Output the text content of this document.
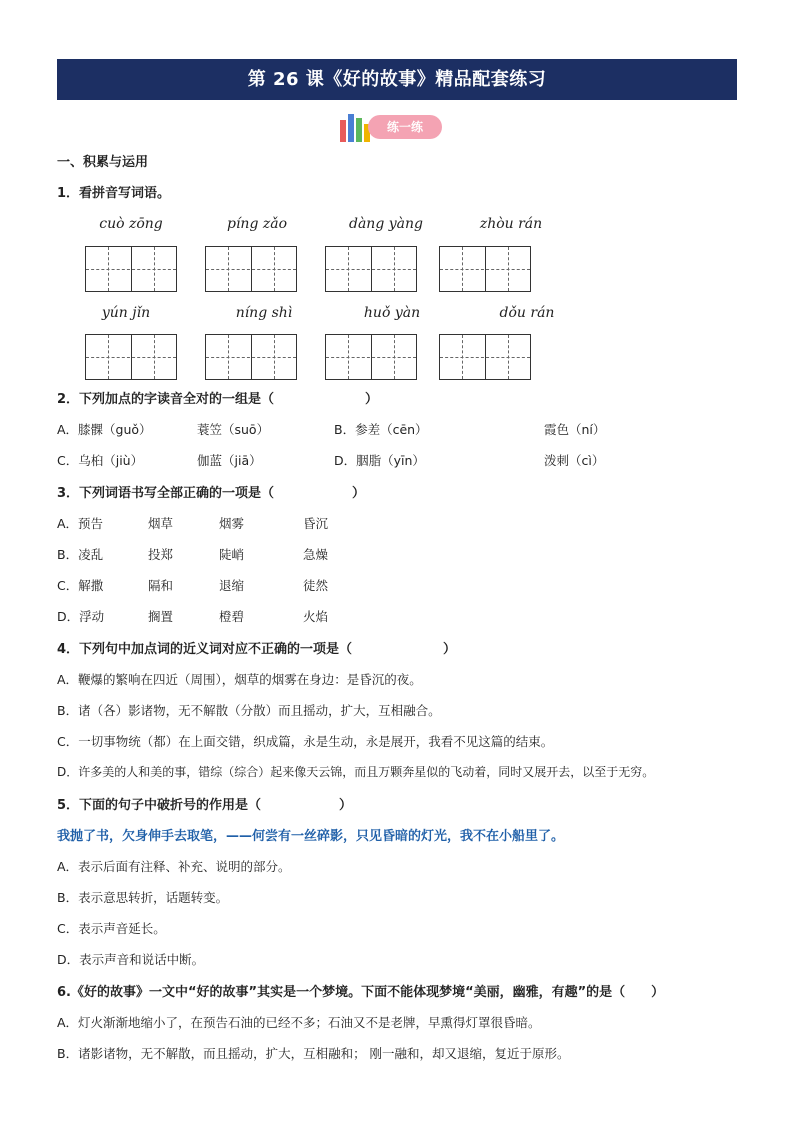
第 26 课《好的故事》精品配套练习
练一练
一、积累与运用
1．看拼音写词语。
cuò zōng	píng zǎo	dàng yàng	zhòu rán
yún jǐn	níng shì	huǒ yàn	dǒu rán
2．下列加点的字读音全对的一组是（　　　　　　　）
A．膝髁（guǒ）	蓑笠（suō）	B．参差（cēn）	霞色（ní）
C．乌桕（jiù）	伽蓝（jiā）	D．胭脂（yīn）	泼刺（cì）
3．下列词语书写全部正确的一项是（　　　　　　）
A．预告	烟草	烟雾	昏沉
B．凌乱	投郑	陡峭	急燥
C．解撒	隔和	退缩	徒然
D．浮动	搁置	橙碧	火焰
4．下列句中加点词的近义词对应不正确的一项是（　　　　　　　）
A．鞭爆的繁响在四近（周围），烟草的烟雾在身边：是昏沉的夜。
B．诸（各）影诸物，无不解散（分散）而且摇动，扩大，互相融合。
C．一切事物统（都）在上面交错，织成篇，永是生动，永是展开，我看不见这篇的结束。
D．许多美的人和美的事，错综（综合）起来像天云锦，而且万颗奔星似的飞动着，同时又展开去，以至于无穷。
5．下面的句子中破折号的作用是（　　　　　　）
我抛了书，欠身伸手去取笔，——何尝有一丝碎影，只见昏暗的灯光，我不在小船里了。
A．表示后面有注释、补充、说明的部分。
B．表示意思转折，话题转变。
C．表示声音延长。
D．表示声音和说话中断。
6.《好的故事》一文中“好的故事”其实是一个梦境。下面不能体现梦境“美丽，幽雅，有趣”的是（　　）
A．灯火渐渐地缩小了，在预告石油的已经不多；石油又不是老牌，早熏得灯罩很昏暗。
B．诸影诸物，无不解散，而且摇动，扩大，互相融和； 刚一融和，却又退缩，复近于原形。
